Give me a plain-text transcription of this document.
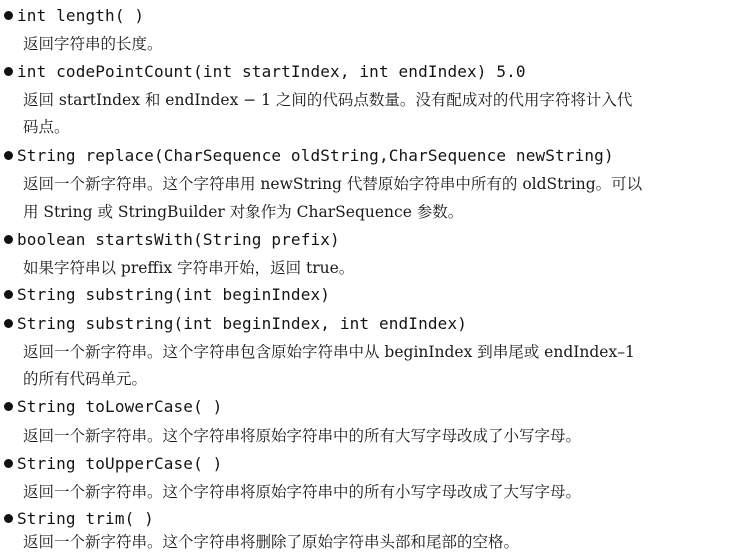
int length( )
返回字符串的长度。
int codePointCount(int startIndex, int endIndex) 5.0
返回 startIndex 和 endIndex − 1 之间的代码点数量。没有配成对的代用字符将计入代
码点。
String replace(CharSequence oldString,CharSequence newString)
返回一个新字符串。这个字符串用 newString 代替原始字符串中所有的 oldString。可以
用 String 或 StringBuilder 对象作为 CharSequence 参数。
boolean startsWith(String prefix)
如果字符串以 preffix 字符串开始，返回 true。
String substring(int beginIndex)
String substring(int beginIndex, int endIndex)
返回一个新字符串。这个字符串包含原始字符串中从 beginIndex 到串尾或 endIndex–1
的所有代码单元。
String toLowerCase( )
返回一个新字符串。这个字符串将原始字符串中的所有大写字母改成了小写字母。
String toUpperCase( )
返回一个新字符串。这个字符串将原始字符串中的所有小写字母改成了大写字母。
String trim( )
返回一个新字符串。这个字符串将删除了原始字符串头部和尾部的空格。
